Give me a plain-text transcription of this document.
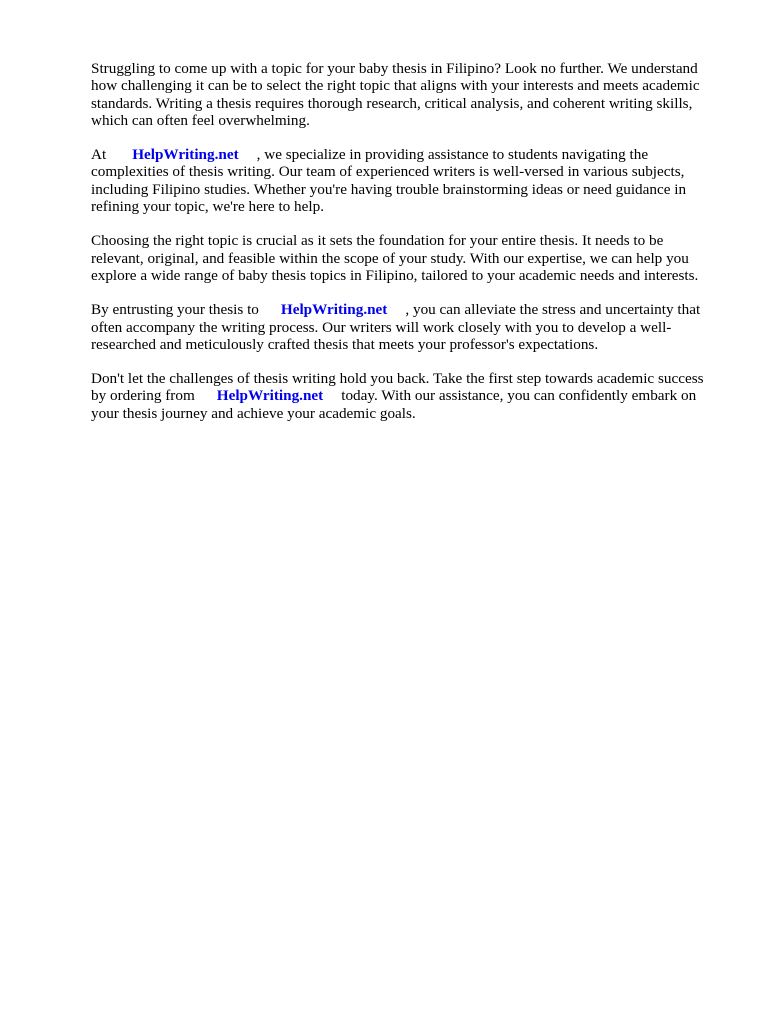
Struggling to come up with a topic for your baby thesis in Filipino? Look no further. We understand
how challenging it can be to select the right topic that aligns with your interests and meets academic
standards. Writing a thesis requires thorough research, critical analysis, and coherent writing skills,
which can often feel overwhelming.

At HelpWriting.net , we specialize in providing assistance to students navigating the
complexities of thesis writing. Our team of experienced writers is well-versed in various subjects,
including Filipino studies. Whether you're having trouble brainstorming ideas or need guidance in
refining your topic, we're here to help.

Choosing the right topic is crucial as it sets the foundation for your entire thesis. It needs to be
relevant, original, and feasible within the scope of your study. With our expertise, we can help you
explore a wide range of baby thesis topics in Filipino, tailored to your academic needs and interests.

By entrusting your thesis to HelpWriting.net , you can alleviate the stress and uncertainty that
often accompany the writing process. Our writers will work closely with you to develop a well-
researched and meticulously crafted thesis that meets your professor's expectations.

Don't let the challenges of thesis writing hold you back. Take the first step towards academic success
by ordering from HelpWriting.net today. With our assistance, you can confidently embark on
your thesis journey and achieve your academic goals.
